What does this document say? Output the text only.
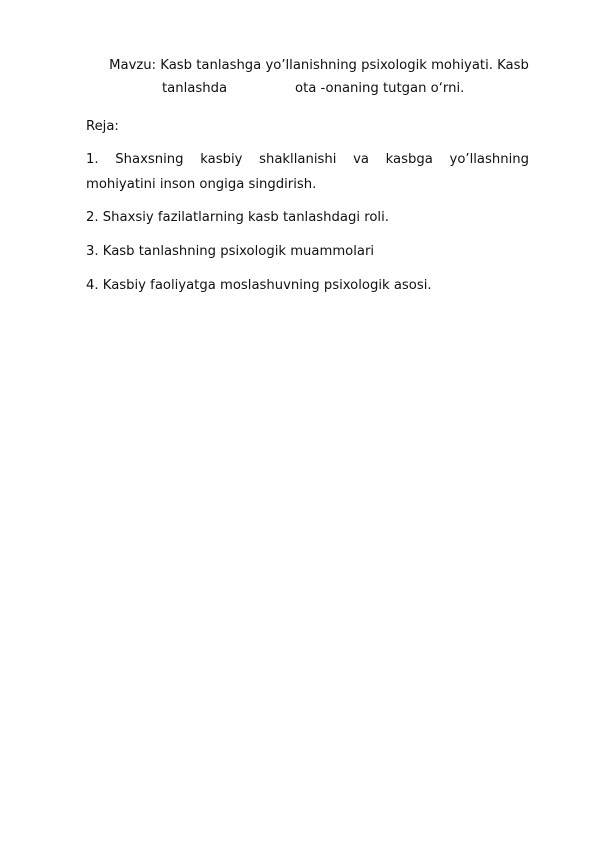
Mavzu: Kasb tanlashga yo’llanishning psixologik mohiyati. Kasb
tanlashda	ota -onaning tutgan o‘rni.
Reja:
1. Shaxsning kasbiy shakllanishi va kasbga yo’llashning
mohiyatini inson ongiga singdirish.
2. Shaxsiy fazilatlarning kasb tanlashdagi roli.
3. Kasb tanlashning psixologik muammolari
4. Kasbiy faoliyatga moslashuvning psixologik asosi.
